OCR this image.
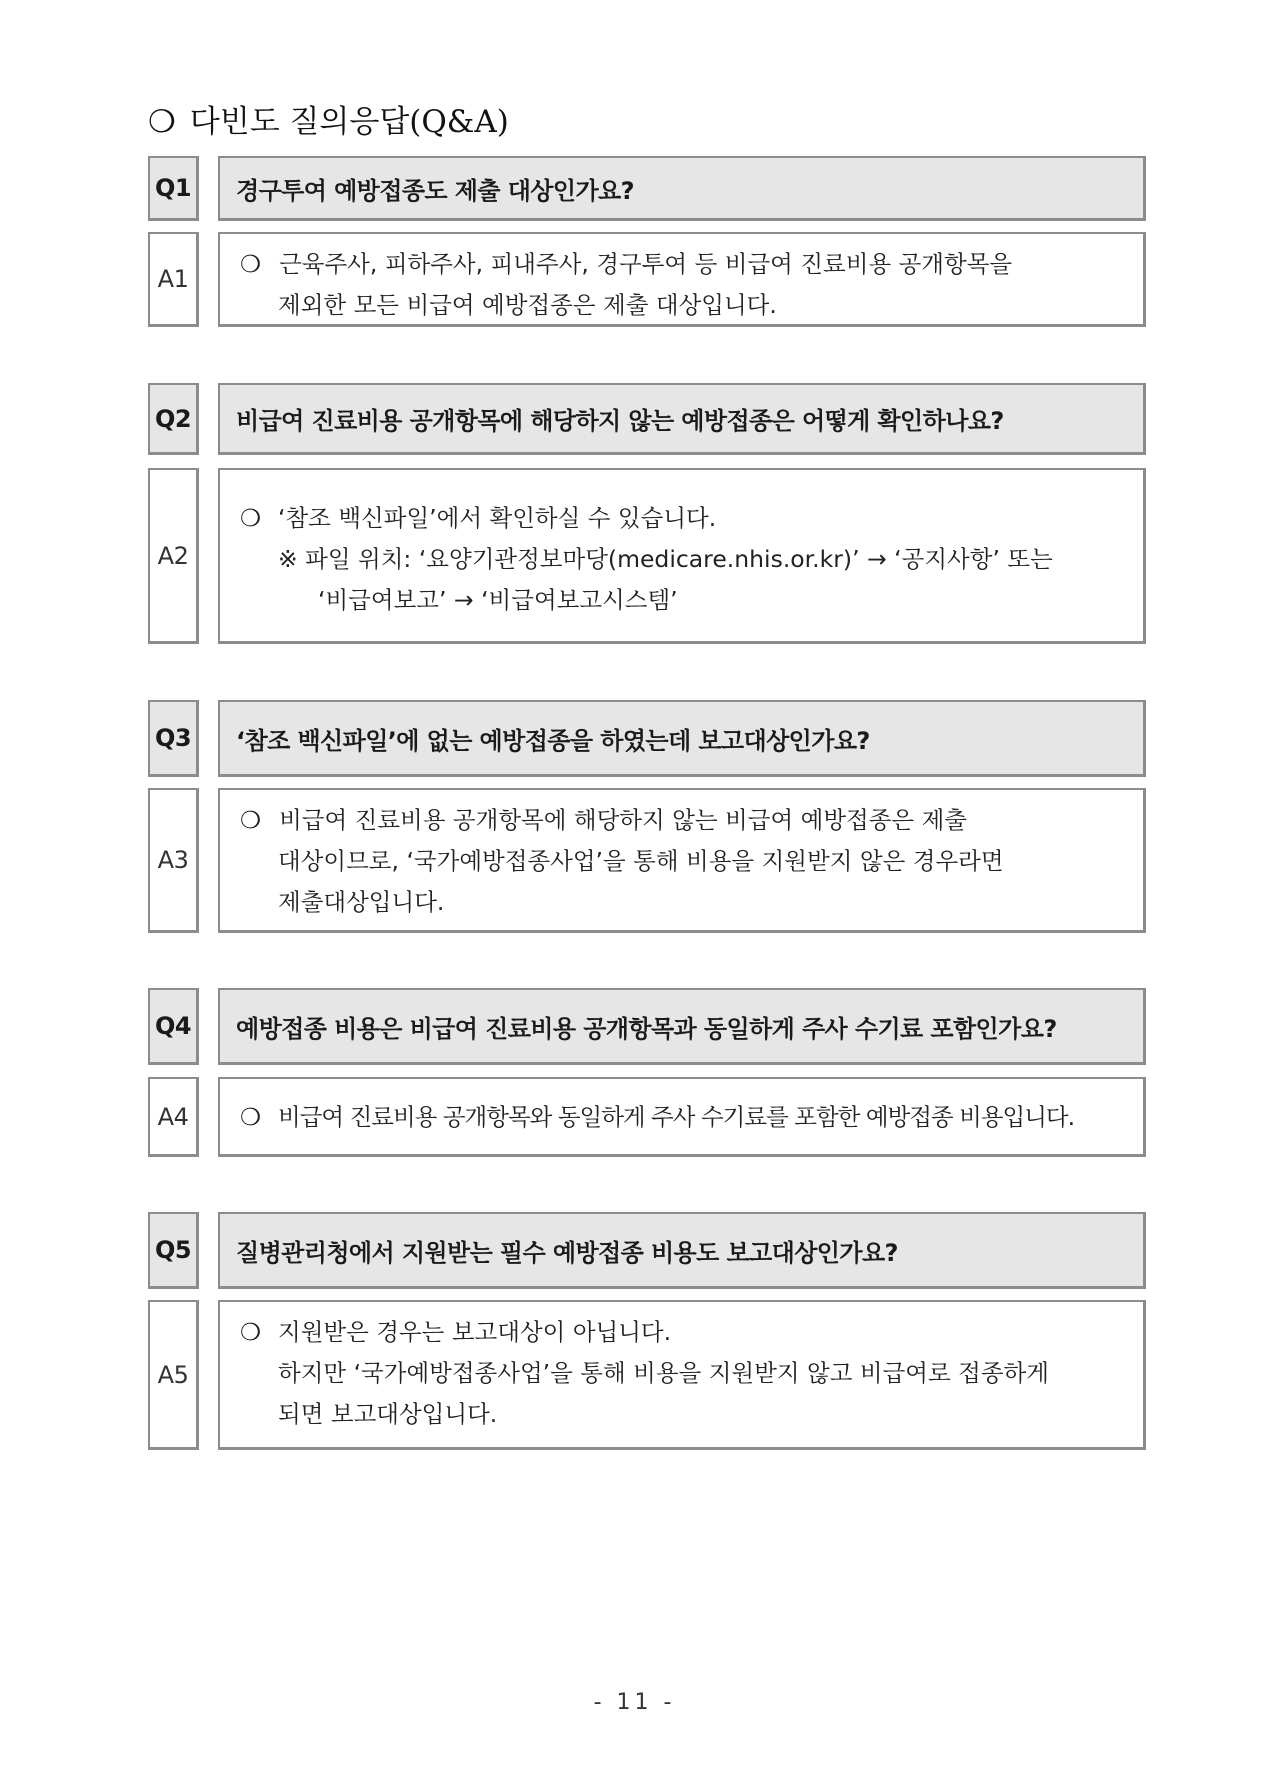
❍ 다빈도 질의응답(Q&A)
Q1	경구투여 예방접종도 제출 대상인가요?
A1
❍ 근육주사, 피하주사, 피내주사, 경구투여 등 비급여 진료비용 공개항목을
제외한 모든 비급여 예방접종은 제출 대상입니다.
Q2	비급여 진료비용 공개항목에 해당하지 않는 예방접종은 어떻게 확인하나요?
A2
❍ ‘참조 백신파일’에서 확인하실 수 있습니다.
※ 파일 위치: ‘요양기관정보마당(medicare.nhis.or.kr)’ → ‘공지사항’ 또는
‘비급여보고’ → ‘비급여보고시스템’
Q3	‘참조 백신파일’에 없는 예방접종을 하였는데 보고대상인가요?
A3
❍ 비급여 진료비용 공개항목에 해당하지 않는 비급여 예방접종은 제출
대상이므로, ‘국가예방접종사업’을 통해 비용을 지원받지 않은 경우라면
제출대상입니다.
Q4	예방접종 비용은 비급여 진료비용 공개항목과 동일하게 주사 수기료 포함인가요?
A4	❍ 비급여 진료비용 공개항목와 동일하게 주사 수기료를 포함한 예방접종 비용입니다.
Q5	질병관리청에서 지원받는 필수 예방접종 비용도 보고대상인가요?
A5
❍ 지원받은 경우는 보고대상이 아닙니다.
하지만 ‘국가예방접종사업’을 통해 비용을 지원받지 않고 비급여로 접종하게
되면 보고대상입니다.
- 11 -
